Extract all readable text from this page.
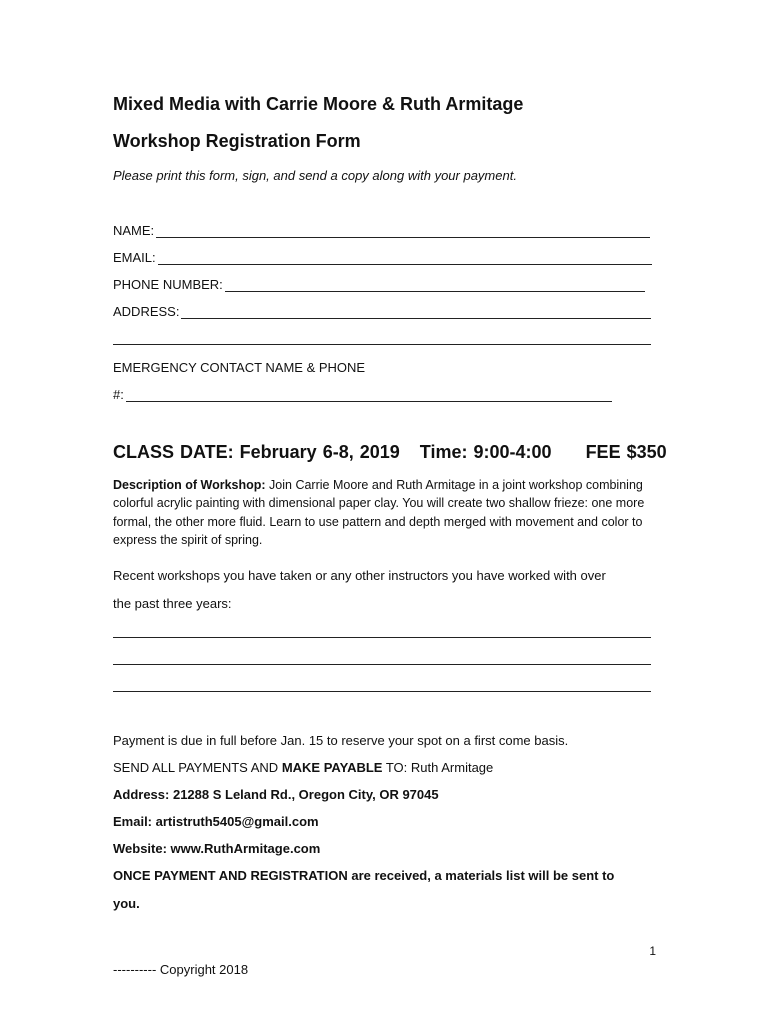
Mixed Media with Carrie Moore & Ruth Armitage
Workshop Registration Form
Please print this form, sign, and send a copy along with your payment.
NAME:
EMAIL:
PHONE NUMBER:
ADDRESS:
EMERGENCY CONTACT NAME & PHONE
#:
CLASS DATE: February 6-8, 2019 Time: 9:00-4:00 FEE $350
Description of Workshop: Join Carrie Moore and Ruth Armitage in a joint workshop combining colorful acrylic painting with dimensional paper clay. You will create two shallow frieze: one more formal, the other more fluid. Learn to use pattern and depth merged with movement and color to express the spirit of spring.
Recent workshops you have taken or any other instructors you have worked with over
the past three years:
Payment is due in full before Jan. 15 to reserve your spot on a first come basis.
SEND ALL PAYMENTS AND MAKE PAYABLE TO: Ruth Armitage
Address: 21288 S Leland Rd., Oregon City, OR 97045
Email: artistruth5405@gmail.com
Website: www.RuthArmitage.com
ONCE PAYMENT AND REGISTRATION are received, a materials list will be sent to
you.
1
---------- Copyright 2018
